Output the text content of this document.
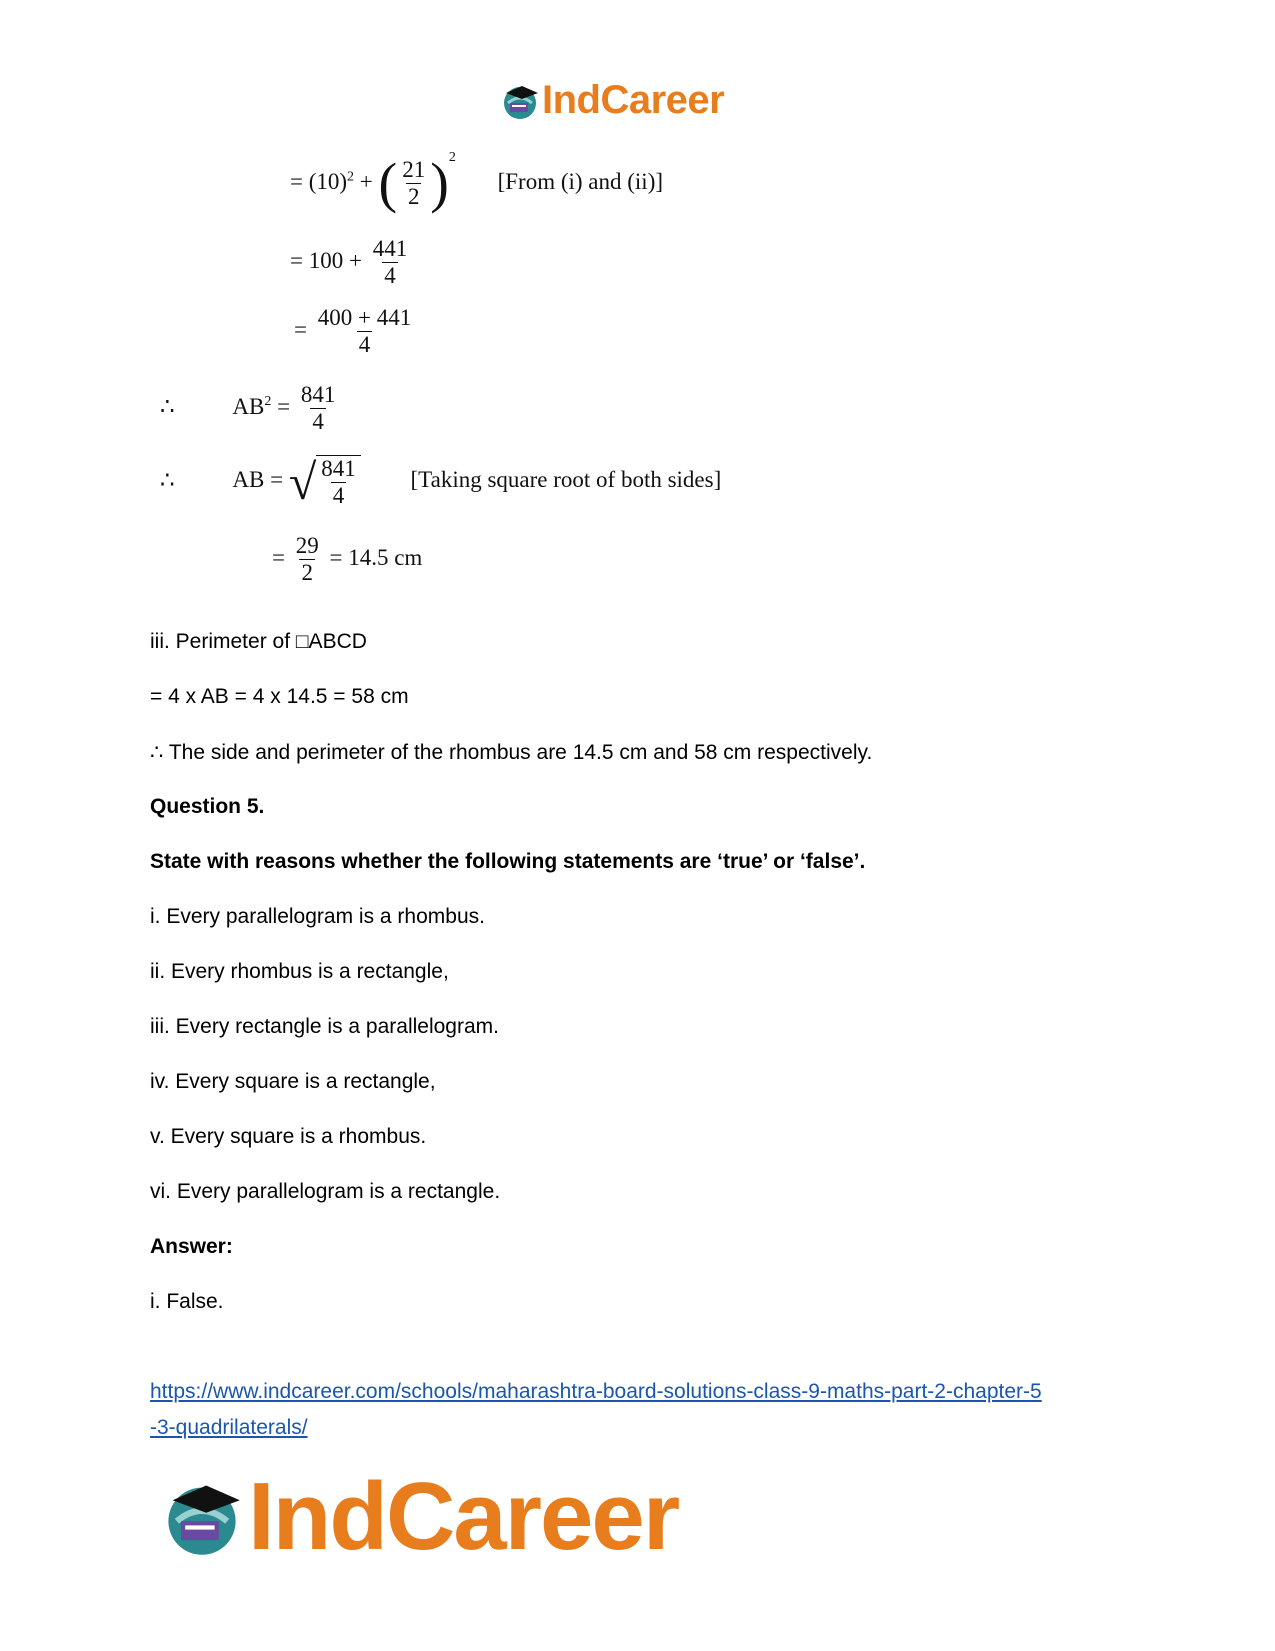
IndCareer
= $(10)^2$ + ( $\frac{21}{2} )^2$ [From (i) and (ii)]
= $100 + \frac{441}{4}$
= $\frac{400 + 441}{4}$
∴	$AB^2 = \frac{841}{4}$
∴	AB = √ $\frac{841}{4}$ [Taking square root of both sides]
= $\frac{29}{2} = 14.5$ cm
iii. Perimeter of □ABCD
= 4 x AB = 4 x 14.5 = 58 cm
∴ The side and perimeter of the rhombus are 14.5 cm and 58 cm respectively.
Question 5.
State with reasons whether the following statements are ‘true’ or ‘false’.
i. Every parallelogram is a rhombus.
ii. Every rhombus is a rectangle,
iii. Every rectangle is a parallelogram.
iv. Every square is a rectangle,
v. Every square is a rhombus.
vi. Every parallelogram is a rectangle.
Answer:
i. False.
https://www.indcareer.com/schools/maharashtra-board-solutions-class-9-maths-part-2-chapter-5
-3-quadrilaterals/
IndCareer
